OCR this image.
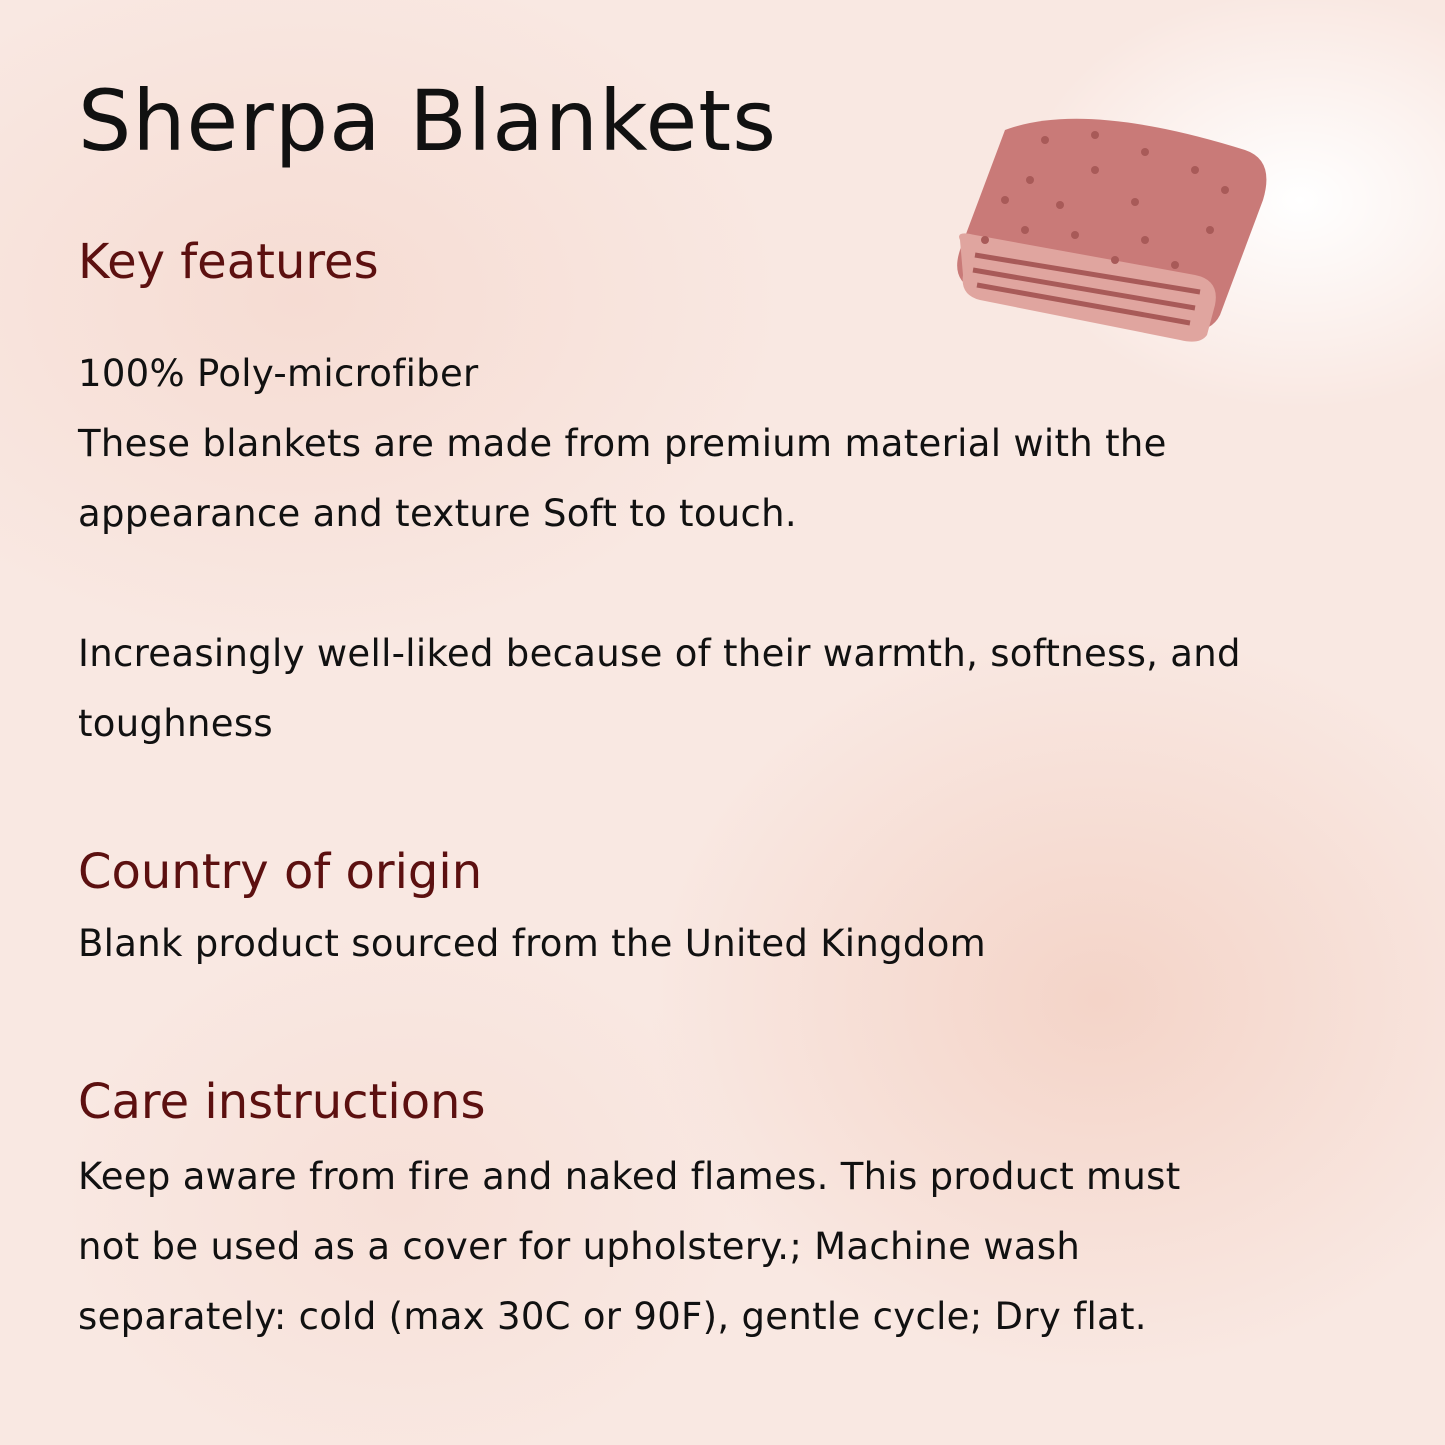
Sherpa Blankets
Key features

100% Poly-microfiber

These blankets are made from premium material with the

appearance and texture Soft to touch.

Increasingly well-liked because of their warmth, softness, and

toughness

Country of origin

Blank product sourced from the United Kingdom

Care instructions

Keep aware from fire and naked flames. This product must

not be used as a cover for upholstery.; Machine wash

separately: cold (max 30C or 90F), gentle cycle; Dry flat.
